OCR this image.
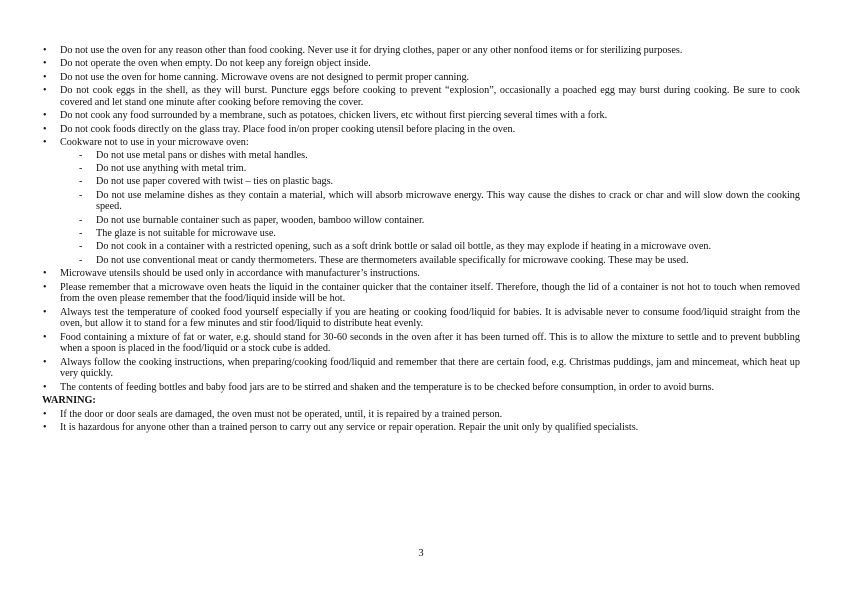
• Do not use the oven for any reason other than food cooking. Never use it for drying clothes, paper or any other nonfood items or for sterilizing purposes.
• Do not operate the oven when empty. Do not keep any foreign object inside.
• Do not use the oven for home canning. Microwave ovens are not designed to permit proper canning.
• Do not cook eggs in the shell, as they will burst. Puncture eggs before cooking to prevent “explosion”, occasionally a poached egg may burst during cooking. Be sure to cook covered and let stand one minute after cooking before removing the cover.
• Do not cook any food surrounded by a membrane, such as potatoes, chicken livers, etc without first piercing several times with a fork.
• Do not cook foods directly on the glass tray. Place food in/on proper cooking utensil before placing in the oven.
• Cookware not to use in your microwave oven:
- Do not use metal pans or dishes with metal handles.
- Do not use anything with metal trim.
- Do not use paper covered with twist – ties on plastic bags.
- Do not use melamine dishes as they contain a material, which will absorb microwave energy. This way cause the dishes to crack or char and will slow down the cooking speed.
- Do not use burnable container such as paper, wooden, bamboo willow container.
- The glaze is not suitable for microwave use.
- Do not cook in a container with a restricted opening, such as a soft drink bottle or salad oil bottle, as they may explode if heating in a microwave oven.
- Do not use conventional meat or candy thermometers. These are thermometers available specifically for microwave cooking. These may be used.
• Microwave utensils should be used only in accordance with manufacturer’s instructions.
• Please remember that a microwave oven heats the liquid in the container quicker that the container itself. Therefore, though the lid of a container is not hot to touch when removed from the oven please remember that the food/liquid inside will be hot.
• Always test the temperature of cooked food yourself especially if you are heating or cooking food/liquid for babies. It is advisable never to consume food/liquid straight from the oven, but allow it to stand for a few minutes and stir food/liquid to distribute heat evenly.
• Food containing a mixture of fat or water, e.g. should stand for 30-60 seconds in the oven after it has been turned off. This is to allow the mixture to settle and to prevent bubbling when a spoon is placed in the food/liquid or a stock cube is added.
• Always follow the cooking instructions, when preparing/cooking food/liquid and remember that there are certain food, e.g. Christmas puddings, jam and mincemeat, which heat up very quickly.
• The contents of feeding bottles and baby food jars are to be stirred and shaken and the temperature is to be checked before consumption, in order to avoid burns.
WARNING:
• If the door or door seals are damaged, the oven must not be operated, until, it is repaired by a trained person.
• It is hazardous for anyone other than a trained person to carry out any service or repair operation. Repair the unit only by qualified specialists.
3
